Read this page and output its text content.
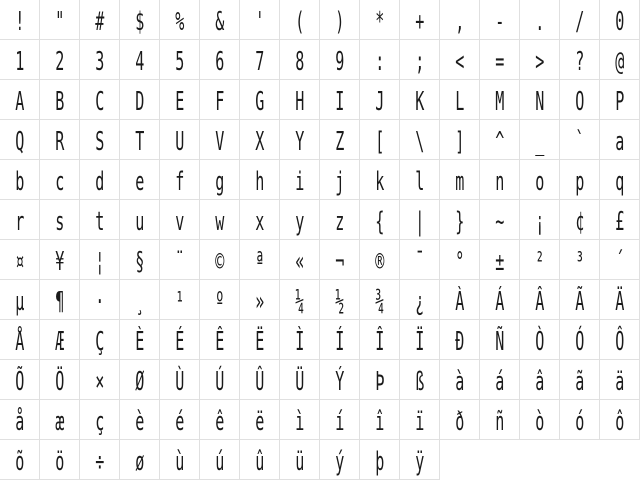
! " # $ % & ' ( ) * + , - . / 0
1 2 3 4 5 6 7 8 9 : ; < = > ? @
A B C D E F G H I J K L M N O P
Q R S T U V X Y Z [ \ ] ^ _ ` a
b c d e f g h i j k l m n o p q
r s t u v w x y z { | } ~ ¡ ¢ £
¤ ¥ ¦ § ¨ © ª « ¬ ® ¯ ° ± ² ³ ´
µ ¶ · ¸ ¹ º » ¼ ½ ¾ ¿ À Á Â Ã Ä
Å Æ Ç È É Ê Ë Ì Í Î Ï Ð Ñ Ò Ó Ô
Õ Ö × Ø Ù Ú Û Ü Ý Þ ß à á â ã ä
å æ ç è é ê ë ì í î ï ð ñ ò ó ô
õ ö ÷ ø ù ú û ü ý þ ÿ
